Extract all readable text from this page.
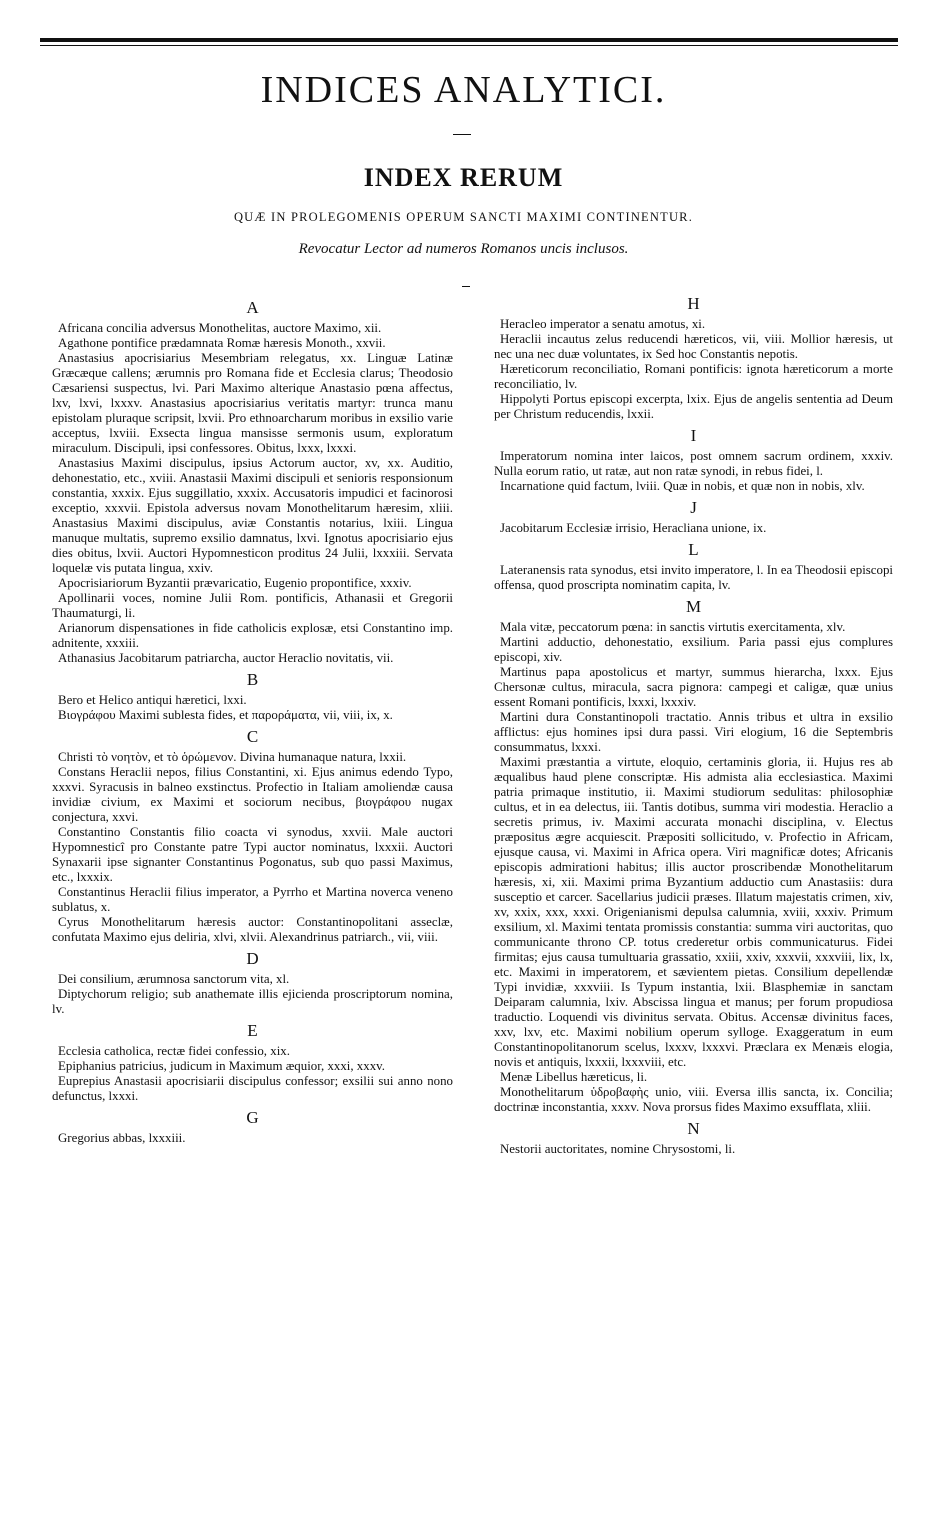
INDICES ANALYTICI.
INDEX RERUM
QUÆ IN PROLEGOMENIS OPERUM SANCTI MAXIMI CONTINENTUR.
Revocatur Lector ad numeros Romanos uncis inclusos.
A

Africana concilia adversus Monothelitas, auctore Maximo, xii.

Agathone pontifice prædamnata Romæ hæresis Monoth., xxvii.

Anastasius apocrisiarius Mesembriam relegatus, xx. Linguæ Latinæ Græcæque callens; ærumnis pro Romana fide et Ecclesia clarus; Theodosio Cæsariensi suspectus, lvi. Pari Maximo alterique Anastasio pœna affectus, lxv, lxvi, lxxxv. Anastasius apocrisiarius veritatis martyr: trunca manu epistolam pluraque scripsit, lxvii. Pro ethnoarcharum moribus in exsilio varie acceptus, lxviii. Exsecta lingua mansisse sermonis usum, exploratum miraculum. Discipuli, ipsi confessores. Obitus, lxxx, lxxxi.

Anastasius Maximi discipulus, ipsius Actorum auctor, xv, xx. Auditio, dehonestatio, etc., xviii. Anastasii Maximi discipuli et senioris responsionum constantia, xxxix. Ejus suggillatio, xxxix. Accusatoris impudici et facinorosi exceptio, xxxvii. Epistola adversus novam Monothelitarum hæresim, xliii. Anastasius Maximi discipulus, aviæ Constantis notarius, lxiii. Lingua manuque multatis, supremo exsilio damnatus, lxvi. Ignotus apocrisiario ejus dies obitus, lxvii. Auctori Hypomnesticon proditus 24 Julii, lxxxiii. Servata loquelæ vis putata lingua, xxiv.

Apocrisiariorum Byzantii prævaricatio, Eugenio propontifice, xxxiv.

Apollinarii voces, nomine Julii Rom. pontificis, Athanasii et Gregorii Thaumaturgi, li.

Arianorum dispensationes in fide catholicis explosæ, etsi Constantino imp. adnitente, xxxiii.

Athanasius Jacobitarum patriarcha, auctor Heraclio novitatis, vii.

B

Bero et Helico antiqui hæretici, lxxi.

Βιογράφου Maximi sublesta fides, et παροράματα, vii, viii, ix, x.

C

Christi τὸ νοητὸν, et τὸ ὁρώμενον. Divina humanaque natura, lxxii.

Constans Heraclii nepos, filius Constantini, xi. Ejus animus edendo Typo, xxxvi. Syracusis in balneo exstinctus. Profectio in Italiam amoliendæ causa invidiæ civium, ex Maximi et sociorum necibus, βιογράφου nugax conjectura, xxvi.

Constantino Constantis filio coacta vi synodus, xxvii. Male auctori Hypomnesticî pro Constante patre Typi auctor nominatus, lxxxii. Auctori Synaxarii ipse signanter Constantinus Pogonatus, sub quo passi Maximus, etc., lxxxix.

Constantinus Heraclii filius imperator, a Pyrrho et Martina noverca veneno sublatus, x.

Cyrus Monothelitarum hæresis auctor: Constantinopolitani asseclæ, confutata Maximo ejus deliria, xlvi, xlvii. Alexandrinus patriarch., vii, viii.

D

Dei consilium, ærumnosa sanctorum vita, xl.

Diptychorum religio; sub anathemate illis ejicienda proscriptorum nomina, lv.

E

Ecclesia catholica, rectæ fidei confessio, xix.

Epiphanius patricius, judicum in Maximum æquior, xxxi, xxxv.

Euprepius Anastasii apocrisiarii discipulus confessor; exsilii sui anno nono defunctus, lxxxi.

G

Gregorius abbas, lxxxiii.

H

Heracleo imperator a senatu amotus, xi.

Heraclii incautus zelus reducendi hæreticos, vii, viii. Mollior hæresis, ut nec una nec duæ voluntates, ix Sed hoc Constantis nepotis.

Hæreticorum reconciliatio, Romani pontificis: ignota hæreticorum a morte reconciliatio, lv.

Hippolyti Portus episcopi excerpta, lxix. Ejus de angelis sententia ad Deum per Christum reducendis, lxxii.

I

Imperatorum nomina inter laicos, post omnem sacrum ordinem, xxxiv. Nulla eorum ratio, ut ratæ, aut non ratæ synodi, in rebus fidei, l.

Incarnatione quid factum, lviii. Quæ in nobis, et quæ non in nobis, xlv.

J

Jacobitarum Ecclesiæ irrisio, Heracliana unione, ix.

L

Lateranensis rata synodus, etsi invito imperatore, l. In ea Theodosii episcopi offensa, quod proscripta nominatim capita, lv.

M

Mala vitæ, peccatorum pœna: in sanctis virtutis exercitamenta, xlv.

Martini adductio, dehonestatio, exsilium. Paria passi ejus complures episcopi, xiv.

Martinus papa apostolicus et martyr, summus hierarcha, lxxx. Ejus Chersonæ cultus, miracula, sacra pignora: campegi et caligæ, quæ unius essent Romani pontificis, lxxxi, lxxxiv.

Martini dura Constantinopoli tractatio. Annis tribus et ultra in exsilio afflictus: ejus homines ipsi dura passi. Viri elogium, 16 die Septembris consummatus, lxxxi.

Maximi præstantia a virtute, eloquio, certaminis gloria, ii. Hujus res ab æqualibus haud plene conscriptæ. His admista alia ecclesiastica. Maximi patria primaque institutio, ii. Maximi studiorum sedulitas: philosophiæ cultus, et in ea delectus, iii. Tantis dotibus, summa viri modestia. Heraclio a secretis primus, iv. Maximi accurata monachi disciplina, v. Electus præpositus ægre acquiescit. Præpositi sollicitudo, v. Profectio in Africam, ejusque causa, vi. Maximi in Africa opera. Viri magnificæ dotes; Africanis episcopis admirationi habitus; illis auctor proscribendæ Monothelitarum hæresis, xi, xii. Maximi prima Byzantium adductio cum Anastasiis: dura susceptio et carcer. Sacellarius judicii præses. Illatum majestatis crimen, xiv, xv, xxix, xxx, xxxi. Origenianismi depulsa calumnia, xviii, xxxiv. Primum exsilium, xl. Maximi tentata promissis constantia: summa viri auctoritas, quo communicante throno CP. totus crederetur orbis communicaturus. Fidei firmitas; ejus causa tumultuaria grassatio, xxiii, xxiv, xxxvii, xxxviii, lix, lx, etc. Maximi in imperatorem, et sævientem pietas. Consilium depellendæ Typi invidiæ, xxxviii. Is Typum instantia, lxii. Blasphemiæ in sanctam Deiparam calumnia, lxiv. Abscissa lingua et manus; per forum propudiosa traductio. Loquendi vis divinitus servata. Obitus. Accensæ divinitus faces, xxv, lxv, etc. Maximi nobilium operum sylloge. Exaggeratum in eum Constantinopolitanorum scelus, lxxxv, lxxxvi. Præclara ex Menæis elogia, novis et antiquis, lxxxii, lxxxviii, etc.

Menæ Libellus hæreticus, li.

Monothelitarum ὑδροβαφὴς unio, viii. Eversa illis sancta, ix. Concilia; doctrinæ inconstantia, xxxv. Nova prorsus fides Maximo exsufflata, xliii.

N

Nestorii auctoritates, nomine Chrysostomi, li.
